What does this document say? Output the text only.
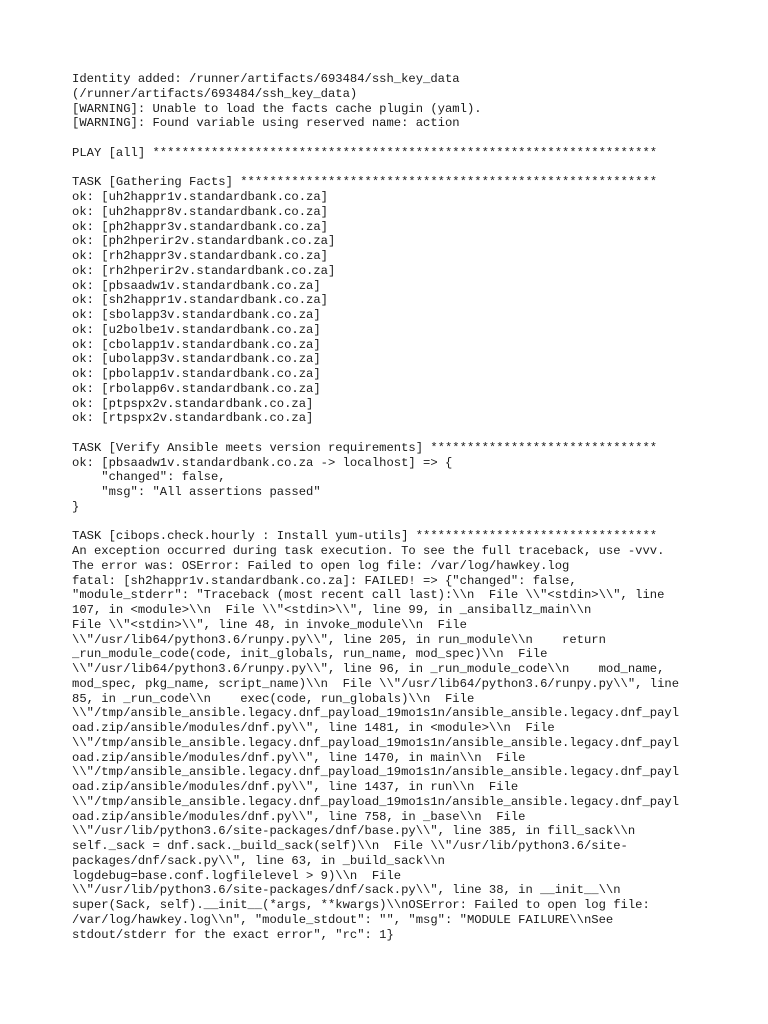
Identity added: /runner/artifacts/693484/ssh_key_data
(/runner/artifacts/693484/ssh_key_data)
[WARNING]: Unable to load the facts cache plugin (yaml).
[WARNING]: Found variable using reserved name: action
PLAY [all] *********************************************************************
TASK [Gathering Facts] *********************************************************
ok: [uh2happr1v.standardbank.co.za]
ok: [uh2happr8v.standardbank.co.za]
ok: [ph2happr3v.standardbank.co.za]
ok: [ph2hperir2v.standardbank.co.za]
ok: [rh2happr3v.standardbank.co.za]
ok: [rh2hperir2v.standardbank.co.za]
ok: [pbsaadw1v.standardbank.co.za]
ok: [sh2happr1v.standardbank.co.za]
ok: [sbolapp3v.standardbank.co.za]
ok: [u2bolbe1v.standardbank.co.za]
ok: [cbolapp1v.standardbank.co.za]
ok: [ubolapp3v.standardbank.co.za]
ok: [pbolapp1v.standardbank.co.za]
ok: [rbolapp6v.standardbank.co.za]
ok: [ptpspx2v.standardbank.co.za]
ok: [rtpspx2v.standardbank.co.za]
TASK [Verify Ansible meets version requirements] *******************************
ok: [pbsaadw1v.standardbank.co.za -> localhost] => {
"changed": false,
"msg": "All assertions passed"
}
TASK [cibops.check.hourly : Install yum-utils] *********************************
An exception occurred during task execution. To see the full traceback, use -vvv.
The error was: OSError: Failed to open log file: /var/log/hawkey.log
fatal: [sh2happr1v.standardbank.co.za]: FAILED! => {"changed": false,
"module_stderr": "Traceback (most recent call last):\\n  File \\"<stdin>\\", line
107, in <module>\\n  File \\"<stdin>\\", line 99, in _ansiballz_main\\n
File \\"<stdin>\\", line 48, in invoke_module\\n  File
\\"/usr/lib64/python3.6/runpy.py\\", line 205, in run_module\\n    return
_run_module_code(code, init_globals, run_name, mod_spec)\\n  File
\\"/usr/lib64/python3.6/runpy.py\\", line 96, in _run_module_code\\n    mod_name,
mod_spec, pkg_name, script_name)\\n  File \\"/usr/lib64/python3.6/runpy.py\\", line
85, in _run_code\\n    exec(code, run_globals)\\n  File
\\"/tmp/ansible_ansible.legacy.dnf_payload_19mo1s1n/ansible_ansible.legacy.dnf_payl
oad.zip/ansible/modules/dnf.py\\", line 1481, in <module>\\n  File
\\"/tmp/ansible_ansible.legacy.dnf_payload_19mo1s1n/ansible_ansible.legacy.dnf_payl
oad.zip/ansible/modules/dnf.py\\", line 1470, in main\\n  File
\\"/tmp/ansible_ansible.legacy.dnf_payload_19mo1s1n/ansible_ansible.legacy.dnf_payl
oad.zip/ansible/modules/dnf.py\\", line 1437, in run\\n  File
\\"/tmp/ansible_ansible.legacy.dnf_payload_19mo1s1n/ansible_ansible.legacy.dnf_payl
oad.zip/ansible/modules/dnf.py\\", line 758, in _base\\n  File
\\"/usr/lib/python3.6/site-packages/dnf/base.py\\", line 385, in fill_sack\\n
self._sack = dnf.sack._build_sack(self)\\n  File \\"/usr/lib/python3.6/site-
packages/dnf/sack.py\\", line 63, in _build_sack\\n
logdebug=base.conf.logfilelevel > 9)\\n  File
\\"/usr/lib/python3.6/site-packages/dnf/sack.py\\", line 38, in __init__\\n
super(Sack, self).__init__(*args, **kwargs)\\nOSError: Failed to open log file:
/var/log/hawkey.log\\n", "module_stdout": "", "msg": "MODULE FAILURE\\nSee
stdout/stderr for the exact error", "rc": 1}
